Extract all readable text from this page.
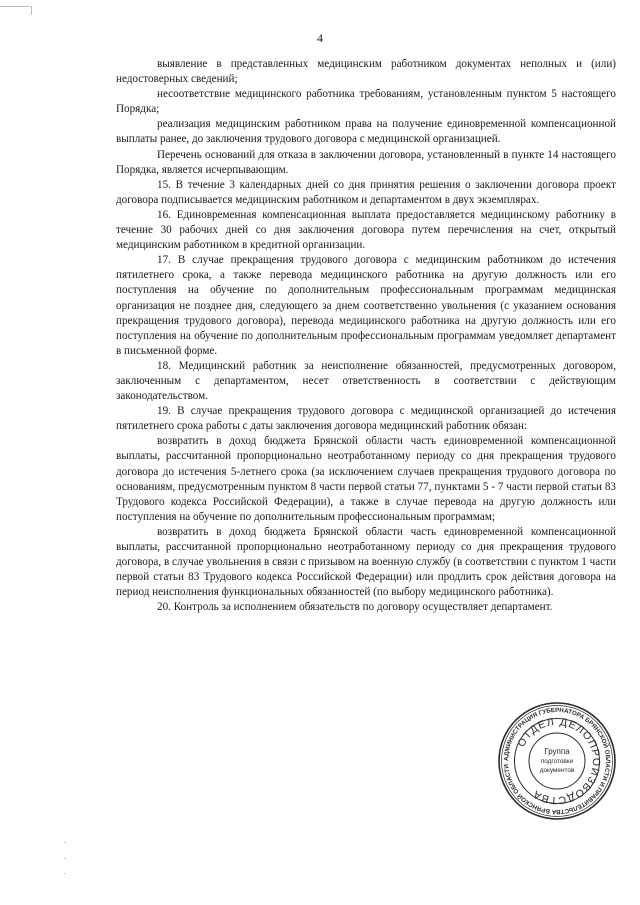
4

выявление в представленных медицинским работником документах неполных и (или) недостоверных сведений;

несоответствие медицинского работника требованиям, установленным пунктом 5 настоящего Порядка;

реализация медицинским работником права на получение единовременной компенсационной выплаты ранее, до заключения трудового договора с медицинской организацией.

Перечень оснований для отказа в заключении договора, установленный в пункте 14 настоящего Порядка, является исчерпывающим.

15. В течение 3 календарных дней со дня принятия решения о заключении договора проект договора подписывается медицинским работником и департаментом в двух экземплярах.

16. Единовременная компенсационная выплата предоставляется медицинскому работнику в течение 30 рабочих дней со дня заключения договора путем перечисления на счет, открытый медицинским работником в кредитной организации.

17. В случае прекращения трудового договора с медицинским работником до истечения пятилетнего срока, а также перевода медицинского работника на другую должность или его поступления на обучение по дополнительным профессиональным программам медицинская организация не позднее дня, следующего за днем соответственно увольнения (с указанием основания прекращения трудового договора), перевода медицинского работника на другую должность или его поступления на обучение по дополнительным профессиональным программам уведомляет департамент в письменной форме.

18. Медицинский работник за неисполнение обязанностей, предусмотренных договором, заключенным с департаментом, несет ответственность в соответствии с действующим законодательством.

19. В случае прекращения трудового договора с медицинской организацией до истечения пятилетнего срока работы с даты заключения договора медицинский работник обязан:

возвратить в доход бюджета Брянской области часть единовременной компенсационной выплаты, рассчитанной пропорционально неотработанному периоду со дня прекращения трудового договора до истечения 5-летнего срока (за исключением случаев прекращения трудового договора по основаниям, предусмотренным пунктом 8 части первой статьи 77, пунктами 5 - 7 части первой статьи 83 Трудового кодекса Российской Федерации), а также в случае перевода на другую должность или поступления на обучение по дополнительным профессиональным программам;

возвратить в доход бюджета Брянской области часть единовременной компенсационной выплаты, рассчитанной пропорционально неотработанному периоду со дня прекращения трудового договора, в случае увольнения в связи с призывом на военную службу (в соответствии с пунктом 1 части первой статьи 83 Трудового кодекса Российской Федерации) или продлить срок действия договора на период неисполнения функциональных обязанностей (по выбору медицинского работника).

20. Контроль за исполнением обязательств по договору осуществляет департамент.

АДМИНИСТРАЦИЯ ГУБЕРНАТОРА БРЯНСКОЙ ОБЛАСТИ И ПРАВИТЕЛЬСТВА БРЯНСКОЙ ОБЛАСТИ
ОТДЕЛ ДЕЛОПРОИЗВОДСТВА
Группа
подготовки
документов
